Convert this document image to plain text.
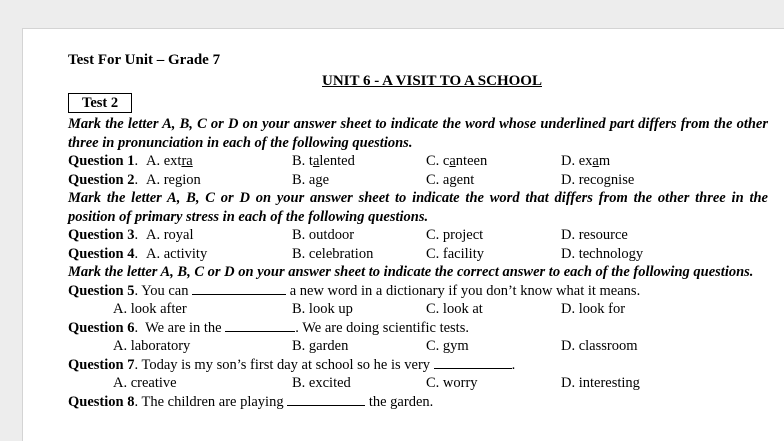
Test For Unit – Grade 7
UNIT 6 - A VISIT TO A SCHOOL
Test 2
Mark the letter A, B, C or D on your answer sheet to indicate the word whose underlined part differs from the other three in pronunciation in each of the following questions.
Question 1. A. extra	B. talented	C. canteen	D. exam
Question 2. A. region	B. age	C. agent	D. recognise
Mark the letter A, B, C or D on your answer sheet to indicate the word that differs from the other three in the position of primary stress in each of the following questions.
Question 3. A. royal	B. outdoor	C. project	D. resource
Question 4. A. activity	B. celebration	C. facility	D. technology
Mark the letter A, B, C or D on your answer sheet to indicate the correct answer to each of the following questions.
Question 5. You can	a new word in a dictionary if you don’t know what it means.
A. look after	B. look up	C. look at	D. look for
Question 6.  We are in the	. We are doing scientific tests.
A. laboratory	B. garden	C. gym	D. classroom
Question 7. Today is my son’s first day at school so he is very	.
A. creative	B. excited	C. worry	D. interesting
Question 8. The children are playing	the garden.
